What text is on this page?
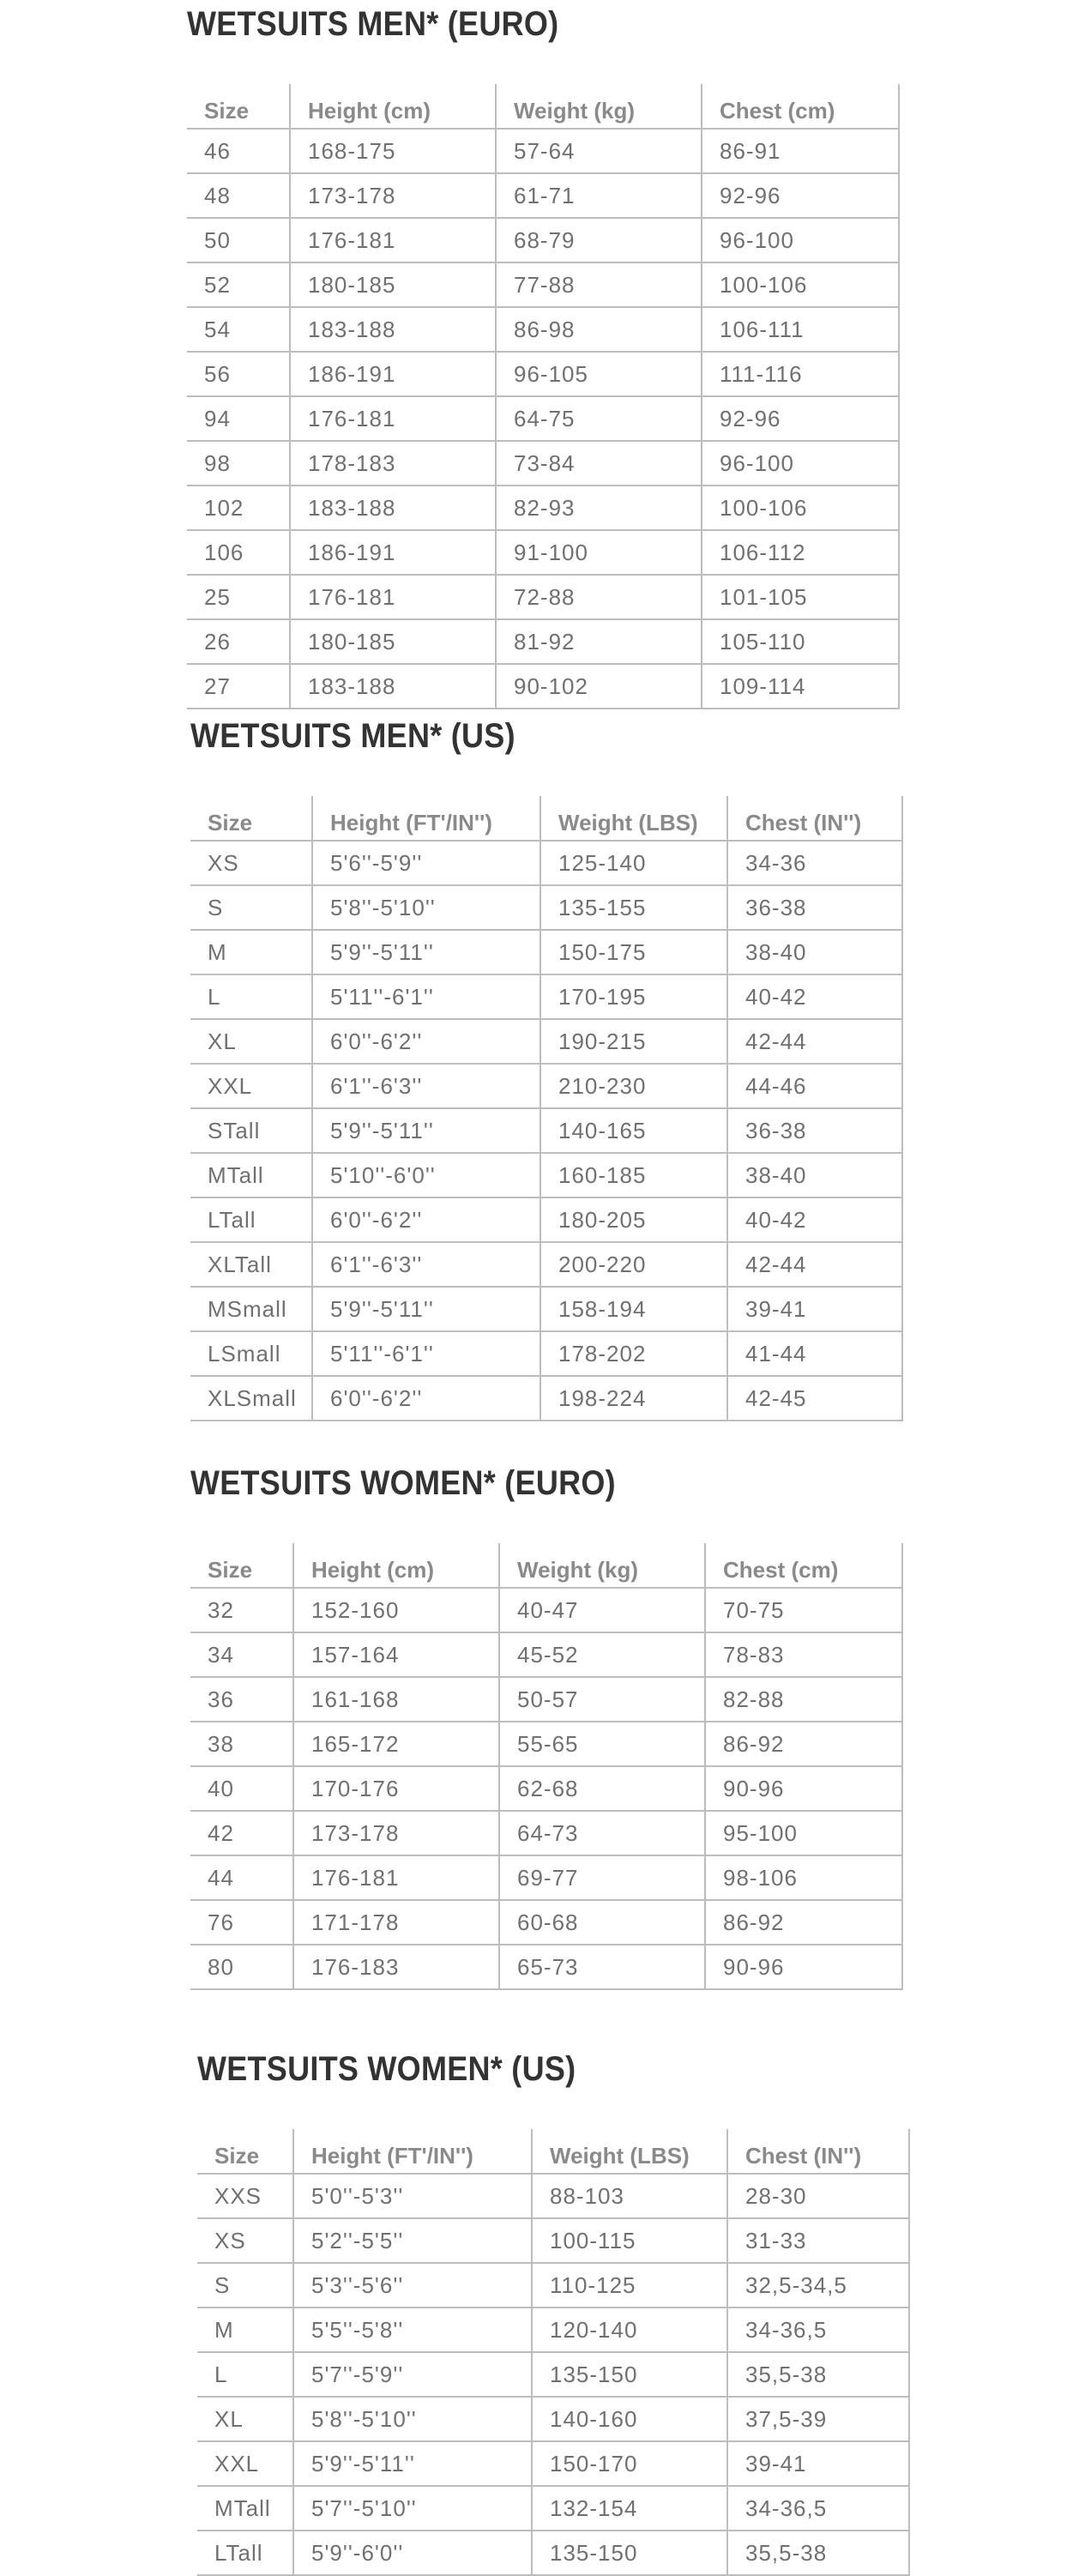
WETSUITS MEN* (EURO)
Size	Height (cm)	Weight (kg)	Chest (cm)
46	168-175	57-64	86-91
48	173-178	61-71	92-96
50	176-181	68-79	96-100
52	180-185	77-88	100-106
54	183-188	86-98	106-111
56	186-191	96-105	111-116
94	176-181	64-75	92-96
98	178-183	73-84	96-100
102	183-188	82-93	100-106
106	186-191	91-100	106-112
25	176-181	72-88	101-105
26	180-185	81-92	105-110
27	183-188	90-102	109-114
WETSUITS MEN* (US)
Size	Height (FT'/IN'')	Weight (LBS)	Chest (IN'')
XS	5'6''-5'9''	125-140	34-36
S	5'8''-5'10''	135-155	36-38
M	5'9''-5'11''	150-175	38-40
L	5'11''-6'1''	170-195	40-42
XL	6'0''-6'2''	190-215	42-44
XXL	6'1''-6'3''	210-230	44-46
STall	5'9''-5'11''	140-165	36-38
MTall	5'10''-6'0''	160-185	38-40
LTall	6'0''-6'2''	180-205	40-42
XLTall	6'1''-6'3''	200-220	42-44
MSmall	5'9''-5'11''	158-194	39-41
LSmall	5'11''-6'1''	178-202	41-44
XLSmall	6'0''-6'2''	198-224	42-45
WETSUITS WOMEN* (EURO)
Size	Height (cm)	Weight (kg)	Chest (cm)
32	152-160	40-47	70-75
34	157-164	45-52	78-83
36	161-168	50-57	82-88
38	165-172	55-65	86-92
40	170-176	62-68	90-96
42	173-178	64-73	95-100
44	176-181	69-77	98-106
76	171-178	60-68	86-92
80	176-183	65-73	90-96
WETSUITS WOMEN* (US)
Size	Height (FT'/IN'')	Weight (LBS)	Chest (IN'')
XXS	5'0''-5'3''	88-103	28-30
XS	5'2''-5'5''	100-115	31-33
S	5'3''-5'6''	110-125	32,5-34,5
M	5'5''-5'8''	120-140	34-36,5
L	5'7''-5'9''	135-150	35,5-38
XL	5'8''-5'10''	140-160	37,5-39
XXL	5'9''-5'11''	150-170	39-41
MTall	5'7''-5'10''	132-154	34-36,5
LTall	5'9''-6'0''	135-150	35,5-38
